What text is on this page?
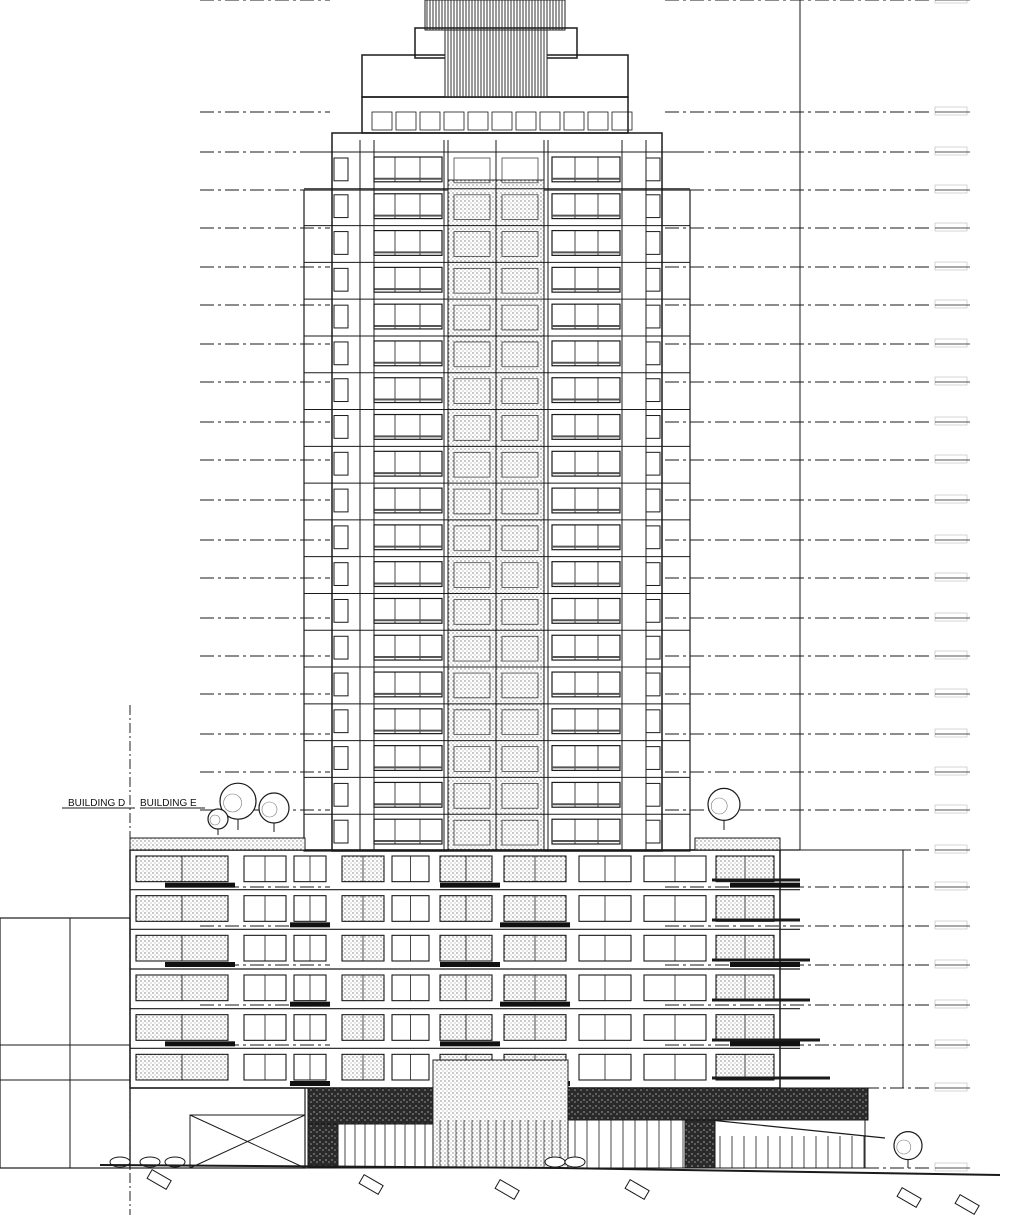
BUILDING D BUILDING E
